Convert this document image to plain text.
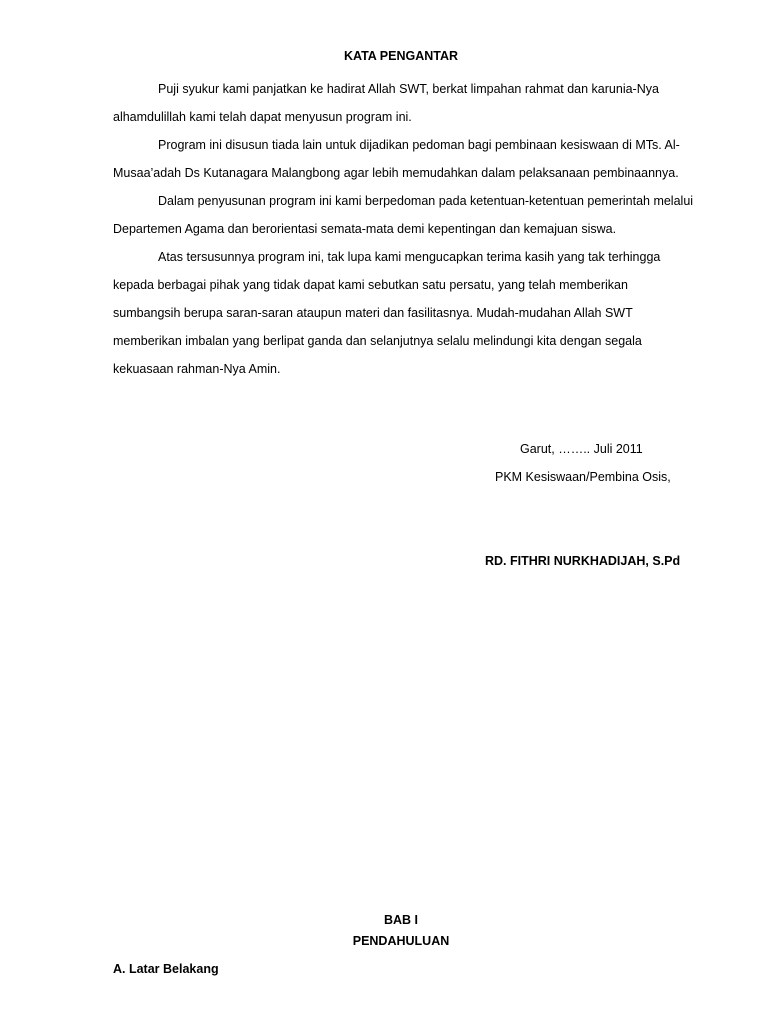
KATA PENGANTAR

Puji syukur kami panjatkan ke hadirat Allah SWT, berkat limpahan rahmat dan karunia-Nya
alhamdulillah kami telah dapat menyusun program ini.

Program ini disusun tiada lain untuk dijadikan pedoman bagi pembinaan kesiswaan di MTs. Al-
Musaa’adah Ds Kutanagara Malangbong agar lebih memudahkan dalam pelaksanaan pembinaannya.

Dalam penyusunan program ini kami berpedoman pada ketentuan-ketentuan pemerintah melalui
Departemen Agama dan berorientasi semata-mata demi kepentingan dan kemajuan siswa.

Atas tersusunnya program ini, tak lupa kami mengucapkan terima kasih yang tak terhingga
kepada berbagai pihak yang tidak dapat kami sebutkan satu persatu, yang telah memberikan
sumbangsih berupa saran-saran ataupun materi dan fasilitasnya. Mudah-mudahan Allah SWT
memberikan imbalan yang berlipat ganda dan selanjutnya selalu melindungi kita dengan segala
kekuasaan rahman-Nya Amin.

Garut, …….. Juli 2011
PKM Kesiswaan/Pembina Osis,
RD. FITHRI NURKHADIJAH, S.Pd
BAB I
PENDAHULUAN
A. Latar Belakang
